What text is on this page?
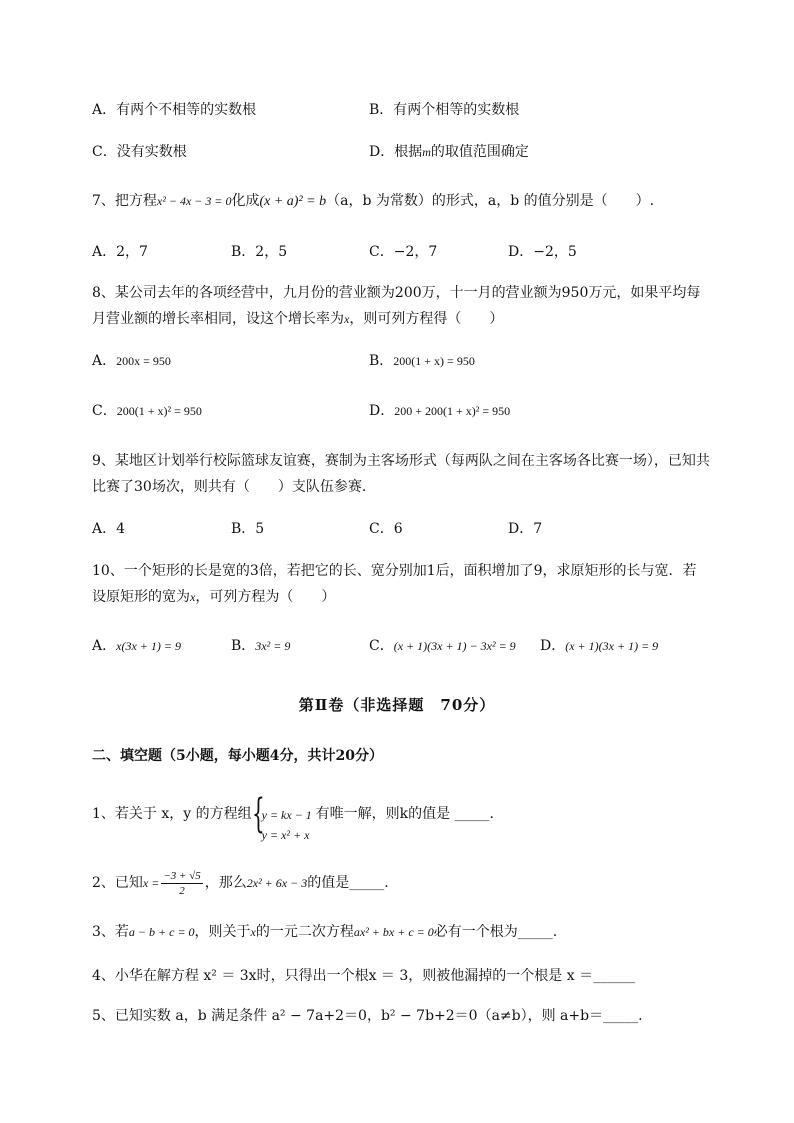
A．有两个不相等的实数根	B．有两个相等的实数根
C．没有实数根	D．根据m的取值范围确定
7、把方程x² − 4x − 3 = 0化成(x + a)² = b（a，b 为常数）的形式，a，b 的值分别是（　　）.
A．2，7	B．2，5	C．−2，7	D．−2，5
8、某公司去年的各项经营中，九月份的营业额为200万，十一月的营业额为950万元，如果平均每
月营业额的增长率相同，设这个增长率为x，则可列方程得（　　）
A．200x = 950	B．200(1 + x) = 950
C．200(1 + x)² = 950	D．200 + 200(1 + x)² = 950
9、某地区计划举行校际篮球友谊赛，赛制为主客场形式（每两队之间在主客场各比赛一场），已知共
比赛了30场次，则共有（　　）支队伍参赛.
A．4	B．5	C．6	D．7
10、一个矩形的长是宽的3倍，若把它的长、宽分别加1后，面积增加了9，求原矩形的长与宽．若
设原矩形的宽为x，可列方程为（　　）
A．x(3x + 1) = 9	B．3x² = 9	C．(x + 1)(3x + 1) − 3x² = 9 D．(x + 1)(3x + 1) = 9
第Ⅱ卷（非选择题　70分）
二、填空题（5小题，每小题4分，共计20分）
1、若关于 x，y 的方程组 {
y = kx − 1
y = x² + x
有唯一解，则k的值是 _____.
2、已知$x = \frac{-3 + √5}{2}$ ，那么2x² + 6x − 3的值是_____.
3、若a − b + c = 0，则关于x的一元二次方程ax² + bx + c = 0必有一个根为_____.
4、小华在解方程 x² ＝ 3x时，只得出一个根x ＝ 3，则被他漏掉的一个根是 x ＝______
5、已知实数 a，b 满足条件 a² − 7a+2＝0，b² − 7b+2＝0（a≠b），则 a+b＝_____.
